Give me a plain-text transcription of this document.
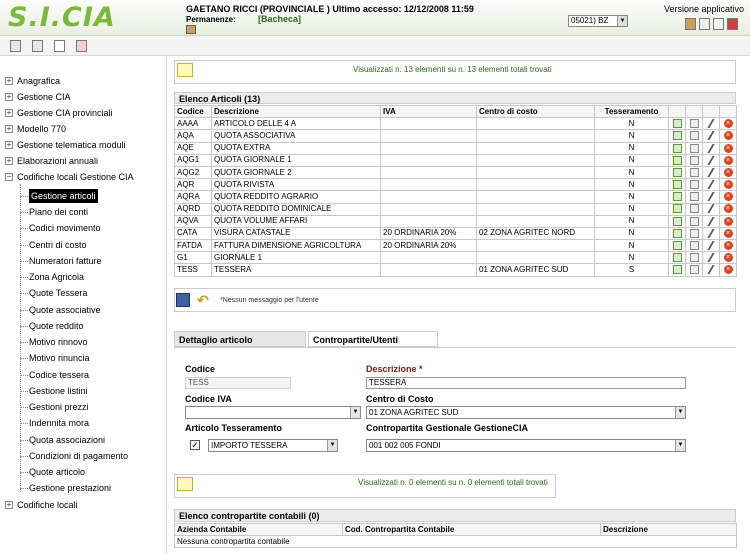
S.I.CIA	GAETANO RICCI (PROVINCIALE ) Ultimo accesso: 12/12/2008 11:59
Permanenze: [Bacheca]
Versione applicativo
05021) BZ	▼
+ Anagrafica
+ Gestione CIA
+ Gestione CIA provinciali
+ Modello 770
+ Gestione telematica moduli
+ Elaborazioni annuali
− Codifiche locali Gestione CIA
Gestione articoli
Piano dei conti
Codici movimento
Centri di costo
Numeratori fatture
Zona Agricola
Quote Tessera
Quote associative
Quote reddito
Motivo rinnovo
Motivo rinuncia
Codice tessera
Gestione listini
Gestioni prezzi
Indennita mora
Quota associazioni
Condizioni di pagamento
Quote articolo
Gestione prestazioni
+ Codifiche locali
Visualizzati n. 13 elementi su n. 13 elementi totali trovati
Elenco Articoli (13)
Codice	Descrizione	IVA	Centro di costo	Tesseramento				
AAAA	ARTICOLO DELLE 4 A			N				×
AQA	QUOTA ASSOCIATIVA			N				×
AQE	QUOTA EXTRA			N				×
AQG1	QUOTA GIORNALE 1			N				×
AQG2	QUOTA GIORNALE 2			N				×
AQR	QUOTA RIVISTA			N				×
AQRA	QUOTA REDDITO AGRARIO			N				×
AQRD	QUOTA REDDITO DOMINICALE			N				×
AQVA	QUOTA VOLUME AFFARI			N				×
CATA	VISURA CATASTALE	20 ORDINARIA 20%	02 ZONA AGRITEC NORD	N				×
FATDA	FATTURA DIMENSIONE AGRICOLTURA	20 ORDINARIA 20%		N				×
G1	GIORNALE 1			N				×
TESS	TESSERA		01 ZONA AGRITEC SUD	S				×
↶	*Nessun messaggio per l'utente
Dettaglio articolo	Contropartite/Utenti
Codice
TESS
Descrizione *
TESSERA
Codice IVA
▼
Centro di Costo
01 ZONA AGRITEC SUD	▼
Articolo Tesseramento
✓	IMPORTO TESSERA	▼
Contropartita Gestionale GestioneCIA
001 002 005 FONDI	▼
Visualizzati n. 0 elementi su n. 0 elementi totali trovati
Elenco contropartite contabili (0)
Azienda Contabile	Cod. Contropartita Contabile	Descrizione
Nessuna contropartita contabile
